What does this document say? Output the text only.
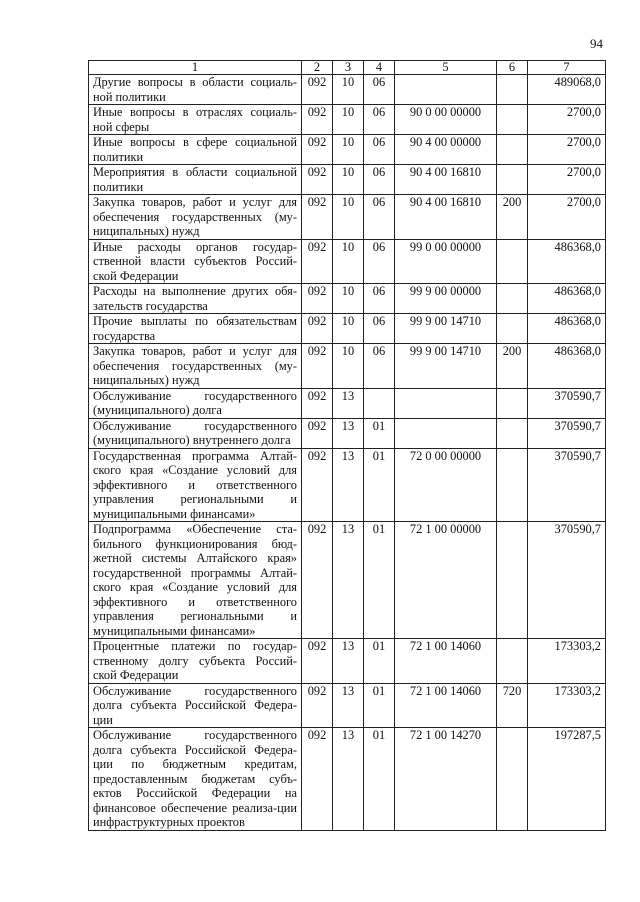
94
1	2	3	4	5	6	7
Другие вопросы в области социаль-ной политики	092	10	06			489068,0
Иные вопросы в отраслях социаль-ной сферы	092	10	06	90 0 00 00000		2700,0
Иные вопросы в сфере социальной политики	092	10	06	90 4 00 00000		2700,0
Мероприятия в области социальной политики	092	10	06	90 4 00 16810		2700,0
Закупка товаров, работ и услуг для обеспечения государственных (му-ниципальных) нужд	092	10	06	90 4 00 16810	200	2700,0
Иные расходы органов государ-ственной власти субъектов Россий-ской Федерации	092	10	06	99 0 00 00000		486368,0
Расходы на выполнение других обя-зательств государства	092	10	06	99 9 00 00000		486368,0
Прочие выплаты по обязательствам государства	092	10	06	99 9 00 14710		486368,0
Закупка товаров, работ и услуг для обеспечения государственных (му-ниципальных) нужд	092	10	06	99 9 00 14710	200	486368,0
Обслуживание государственного (муниципального) долга	092	13				370590,7
Обслуживание государственного (муниципального) внутреннего долга	092	13	01			370590,7
Государственная программа Алтай-ского края «Создание условий для эффективного и ответственного управления региональными и муниципальными финансами»	092	13	01	72 0 00 00000		370590,7
Подпрограмма «Обеспечение ста-бильного функционирования бюд-жетной системы Алтайского края» государственной программы Алтай-ского края «Создание условий для эффективного и ответственного управления региональными и муниципальными финансами»	092	13	01	72 1 00 00000		370590,7
Процентные платежи по государ-ственному долгу субъекта Россий-ской Федерации	092	13	01	72 1 00 14060		173303,2
Обслуживание государственного долга субъекта Российской Федера-ции	092	13	01	72 1 00 14060	720	173303,2
Обслуживание государственного долга субъекта Российской Федера-ции по бюджетным кредитам, предоставленным бюджетам субъ-ектов Российской Федерации на финансовое обеспечение реализа-ции инфраструктурных проектов	092	13	01	72 1 00 14270		197287,5
